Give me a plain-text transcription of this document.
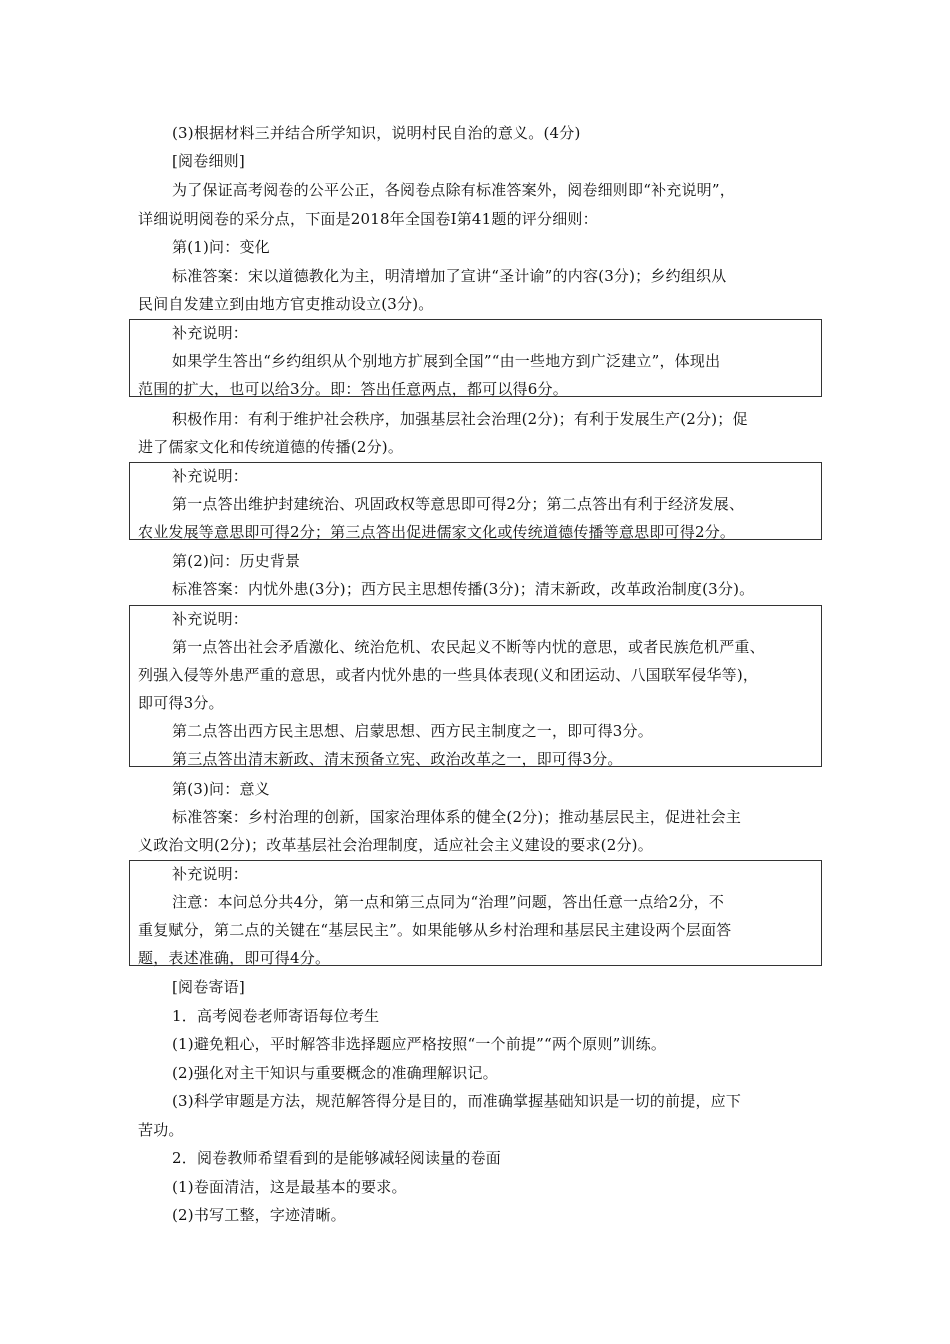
(3)根据材料三并结合所学知识，说明村民自治的意义。(4分)
[阅卷细则]
为了保证高考阅卷的公平公正，各阅卷点除有标准答案外，阅卷细则即“补充说明”，
详细说明阅卷的采分点，下面是2018年全国卷Ⅰ第41题的评分细则：
第(1)问：变化
标准答案：宋以道德教化为主，明清增加了宣讲“圣计谕”的内容(3分)；乡约组织从
民间自发建立到由地方官吏推动设立(3分)。
补充说明：
如果学生答出“乡约组织从个别地方扩展到全国”“由一些地方到广泛建立”，体现出
范围的扩大，也可以给3分。即：答出任意两点，都可以得6分。
积极作用：有利于维护社会秩序，加强基层社会治理(2分)；有利于发展生产(2分)；促
进了儒家文化和传统道德的传播(2分)。
补充说明：
第一点答出维护封建统治、巩固政权等意思即可得2分；第二点答出有利于经济发展、
农业发展等意思即可得2分；第三点答出促进儒家文化或传统道德传播等意思即可得2分。
第(2)问：历史背景
标准答案：内忧外患(3分)；西方民主思想传播(3分)；清末新政，改革政治制度(3分)。
补充说明：
第一点答出社会矛盾激化、统治危机、农民起义不断等内忧的意思，或者民族危机严重、
列强入侵等外患严重的意思，或者内忧外患的一些具体表现(义和团运动、八国联军侵华等)，
即可得3分。
第二点答出西方民主思想、启蒙思想、西方民主制度之一，即可得3分。
第三点答出清末新政、清末预备立宪、政治改革之一，即可得3分。
第(3)问：意义
标准答案：乡村治理的创新，国家治理体系的健全(2分)；推动基层民主，促进社会主
义政治文明(2分)；改革基层社会治理制度，适应社会主义建设的要求(2分)。
补充说明：
注意：本问总分共4分，第一点和第三点同为“治理”问题，答出任意一点给2分，不
重复赋分，第二点的关键在“基层民主”。如果能够从乡村治理和基层民主建设两个层面答
题，表述准确，即可得4分。
[阅卷寄语]
1．高考阅卷老师寄语每位考生
(1)避免粗心，平时解答非选择题应严格按照“一个前提”“两个原则”训练。
(2)强化对主干知识与重要概念的准确理解识记。
(3)科学审题是方法，规范解答得分是目的，而准确掌握基础知识是一切的前提，应下
苦功。
2．阅卷教师希望看到的是能够减轻阅读量的卷面
(1)卷面清洁，这是最基本的要求。
(2)书写工整，字迹清晰。
